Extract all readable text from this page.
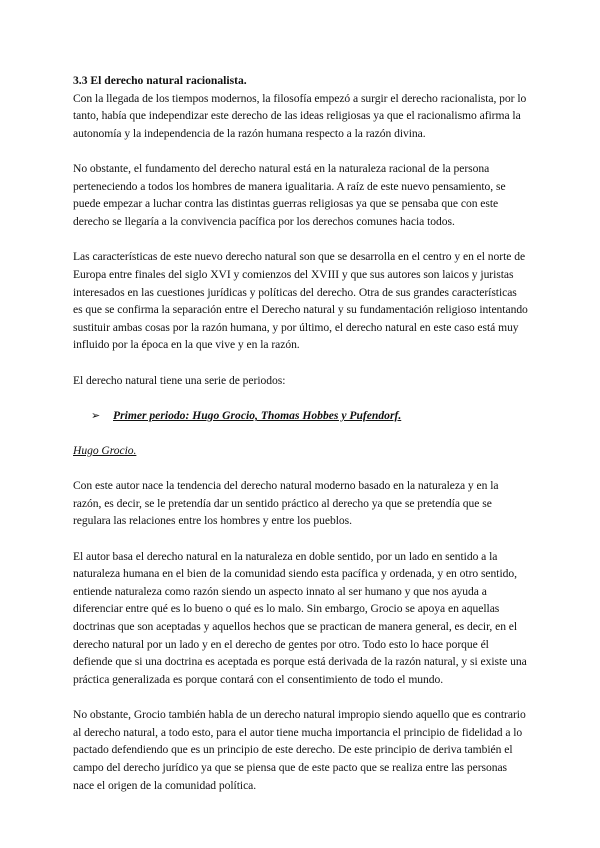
3.3 El derecho natural racionalista.

Con la llegada de los tiempos modernos, la filosofía empezó a surgir el derecho racionalista, por lo tanto, había que independizar este derecho de las ideas religiosas ya que el racionalismo afirma la autonomía y la independencia de la razón humana respecto a la razón divina.

No obstante, el fundamento del derecho natural está en la naturaleza racional de la persona perteneciendo a todos los hombres de manera igualitaria. A raíz de este nuevo pensamiento, se puede empezar a luchar contra las distintas guerras religiosas ya que se pensaba que con este derecho se llegaría a la convivencia pacífica por los derechos comunes hacia todos.

Las características de este nuevo derecho natural son que se desarrolla en el centro y en el norte de Europa entre finales del siglo XVI y comienzos del XVIII y que sus autores son laicos y juristas interesados en las cuestiones jurídicas y políticas del derecho. Otra de sus grandes características es que se confirma la separación entre el Derecho natural y su fundamentación religioso intentando sustituir ambas cosas por la razón humana, y por último, el derecho natural en este caso está muy influido por la época en la que vive y en la razón.

El derecho natural tiene una serie de periodos:

➢	Primer periodo: Hugo Grocio, Thomas Hobbes y Pufendorf.

Hugo Grocio.

Con este autor nace la tendencia del derecho natural moderno basado en la naturaleza y en la razón, es decir, se le pretendía dar un sentido práctico al derecho ya que se pretendía que se regulara las relaciones entre los hombres y entre los pueblos.

El autor basa el derecho natural en la naturaleza en doble sentido, por un lado en sentido a la naturaleza humana en el bien de la comunidad siendo esta pacífica y ordenada, y en otro sentido, entiende naturaleza como razón siendo un aspecto innato al ser humano y que nos ayuda a diferenciar entre qué es lo bueno o qué es lo malo. Sin embargo, Grocio se apoya en aquellas doctrinas que son aceptadas y aquellos hechos que se practican de manera general, es decir, en el derecho natural por un lado y en el derecho de gentes por otro. Todo esto lo hace porque él defiende que si una doctrina es aceptada es porque está derivada de la razón natural, y si existe una práctica generalizada es porque contará con el consentimiento de todo el mundo.

No obstante, Grocio también habla de un derecho natural impropio siendo aquello que es contrario al derecho natural, a todo esto, para el autor tiene mucha importancia el principio de fidelidad a lo pactado defendiendo que es un principio de este derecho. De este principio de deriva también el campo del derecho jurídico ya que se piensa que de este pacto que se realiza entre las personas nace el origen de la comunidad política.
